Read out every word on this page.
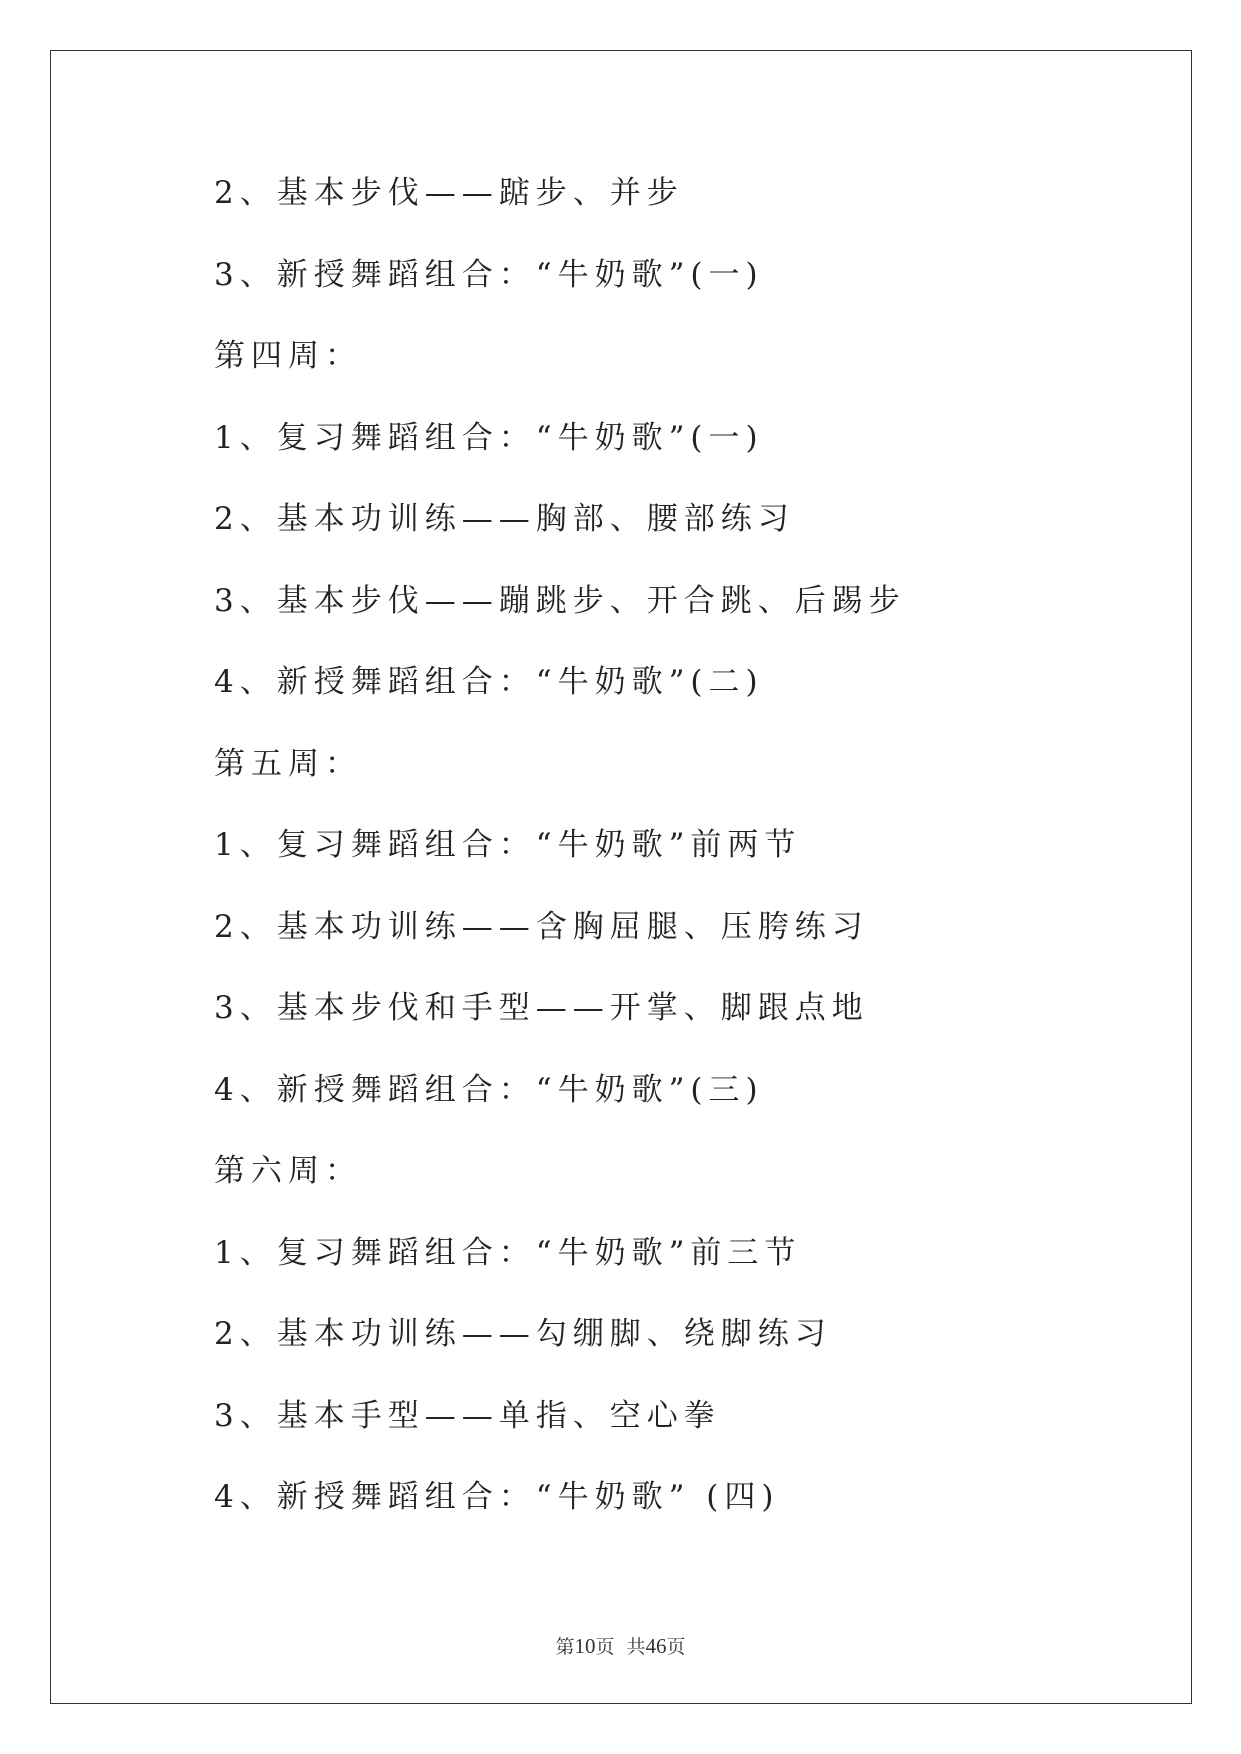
2、基本步伐——踮步、并步
3、新授舞蹈组合：“牛奶歌”(一)
第四周：
1、复习舞蹈组合：“牛奶歌”(一)
2、基本功训练——胸部、腰部练习
3、基本步伐——蹦跳步、开合跳、后踢步
4、新授舞蹈组合：“牛奶歌”(二)
第五周：
1、复习舞蹈组合：“牛奶歌”前两节
2、基本功训练——含胸屈腿、压胯练习
3、基本步伐和手型——开掌、脚跟点地
4、新授舞蹈组合：“牛奶歌”(三)
第六周：
1、复习舞蹈组合：“牛奶歌”前三节
2、基本功训练——勾绷脚、绕脚练习
3、基本手型——单指、空心拳
4、新授舞蹈组合：“牛奶歌” (四)
第10页  共46页
